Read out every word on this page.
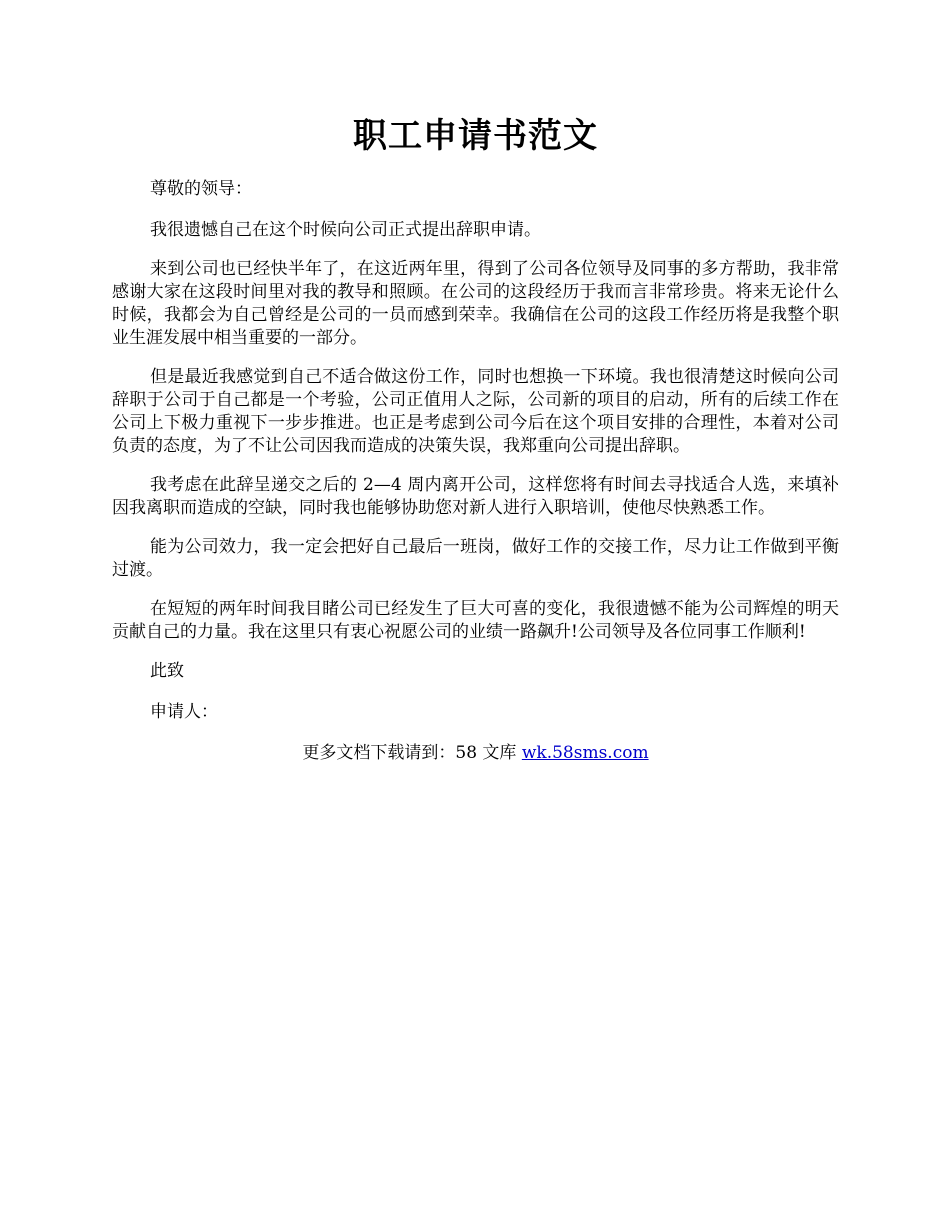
职工申请书范文

尊敬的领导：

我很遗憾自己在这个时候向公司正式提出辞职申请。

来到公司也已经快半年了，在这近两年里，得到了公司各位领导及同事的多方帮助，我非常感谢大家在这段时间里对我的教导和照顾。在公司的这段经历于我而言非常珍贵。将来无论什么时候，我都会为自己曾经是公司的一员而感到荣幸。我确信在公司的这段工作经历将是我整个职业生涯发展中相当重要的一部分。

但是最近我感觉到自己不适合做这份工作，同时也想换一下环境。我也很清楚这时候向公司辞职于公司于自己都是一个考验，公司正值用人之际，公司新的项目的启动，所有的后续工作在公司上下极力重视下一步步推进。也正是考虑到公司今后在这个项目安排的合理性，本着对公司负责的态度，为了不让公司因我而造成的决策失误，我郑重向公司提出辞职。

我考虑在此辞呈递交之后的 2—4 周内离开公司，这样您将有时间去寻找适合人选，来填补因我离职而造成的空缺，同时我也能够协助您对新人进行入职培训，使他尽快熟悉工作。

能为公司效力，我一定会把好自己最后一班岗，做好工作的交接工作，尽力让工作做到平衡过渡。

在短短的两年时间我目睹公司已经发生了巨大可喜的变化，我很遗憾不能为公司辉煌的明天贡献自己的力量。我在这里只有衷心祝愿公司的业绩一路飙升!公司领导及各位同事工作顺利!

此致

申请人：

更多文档下载请到：58 文库 wk.58sms.com
